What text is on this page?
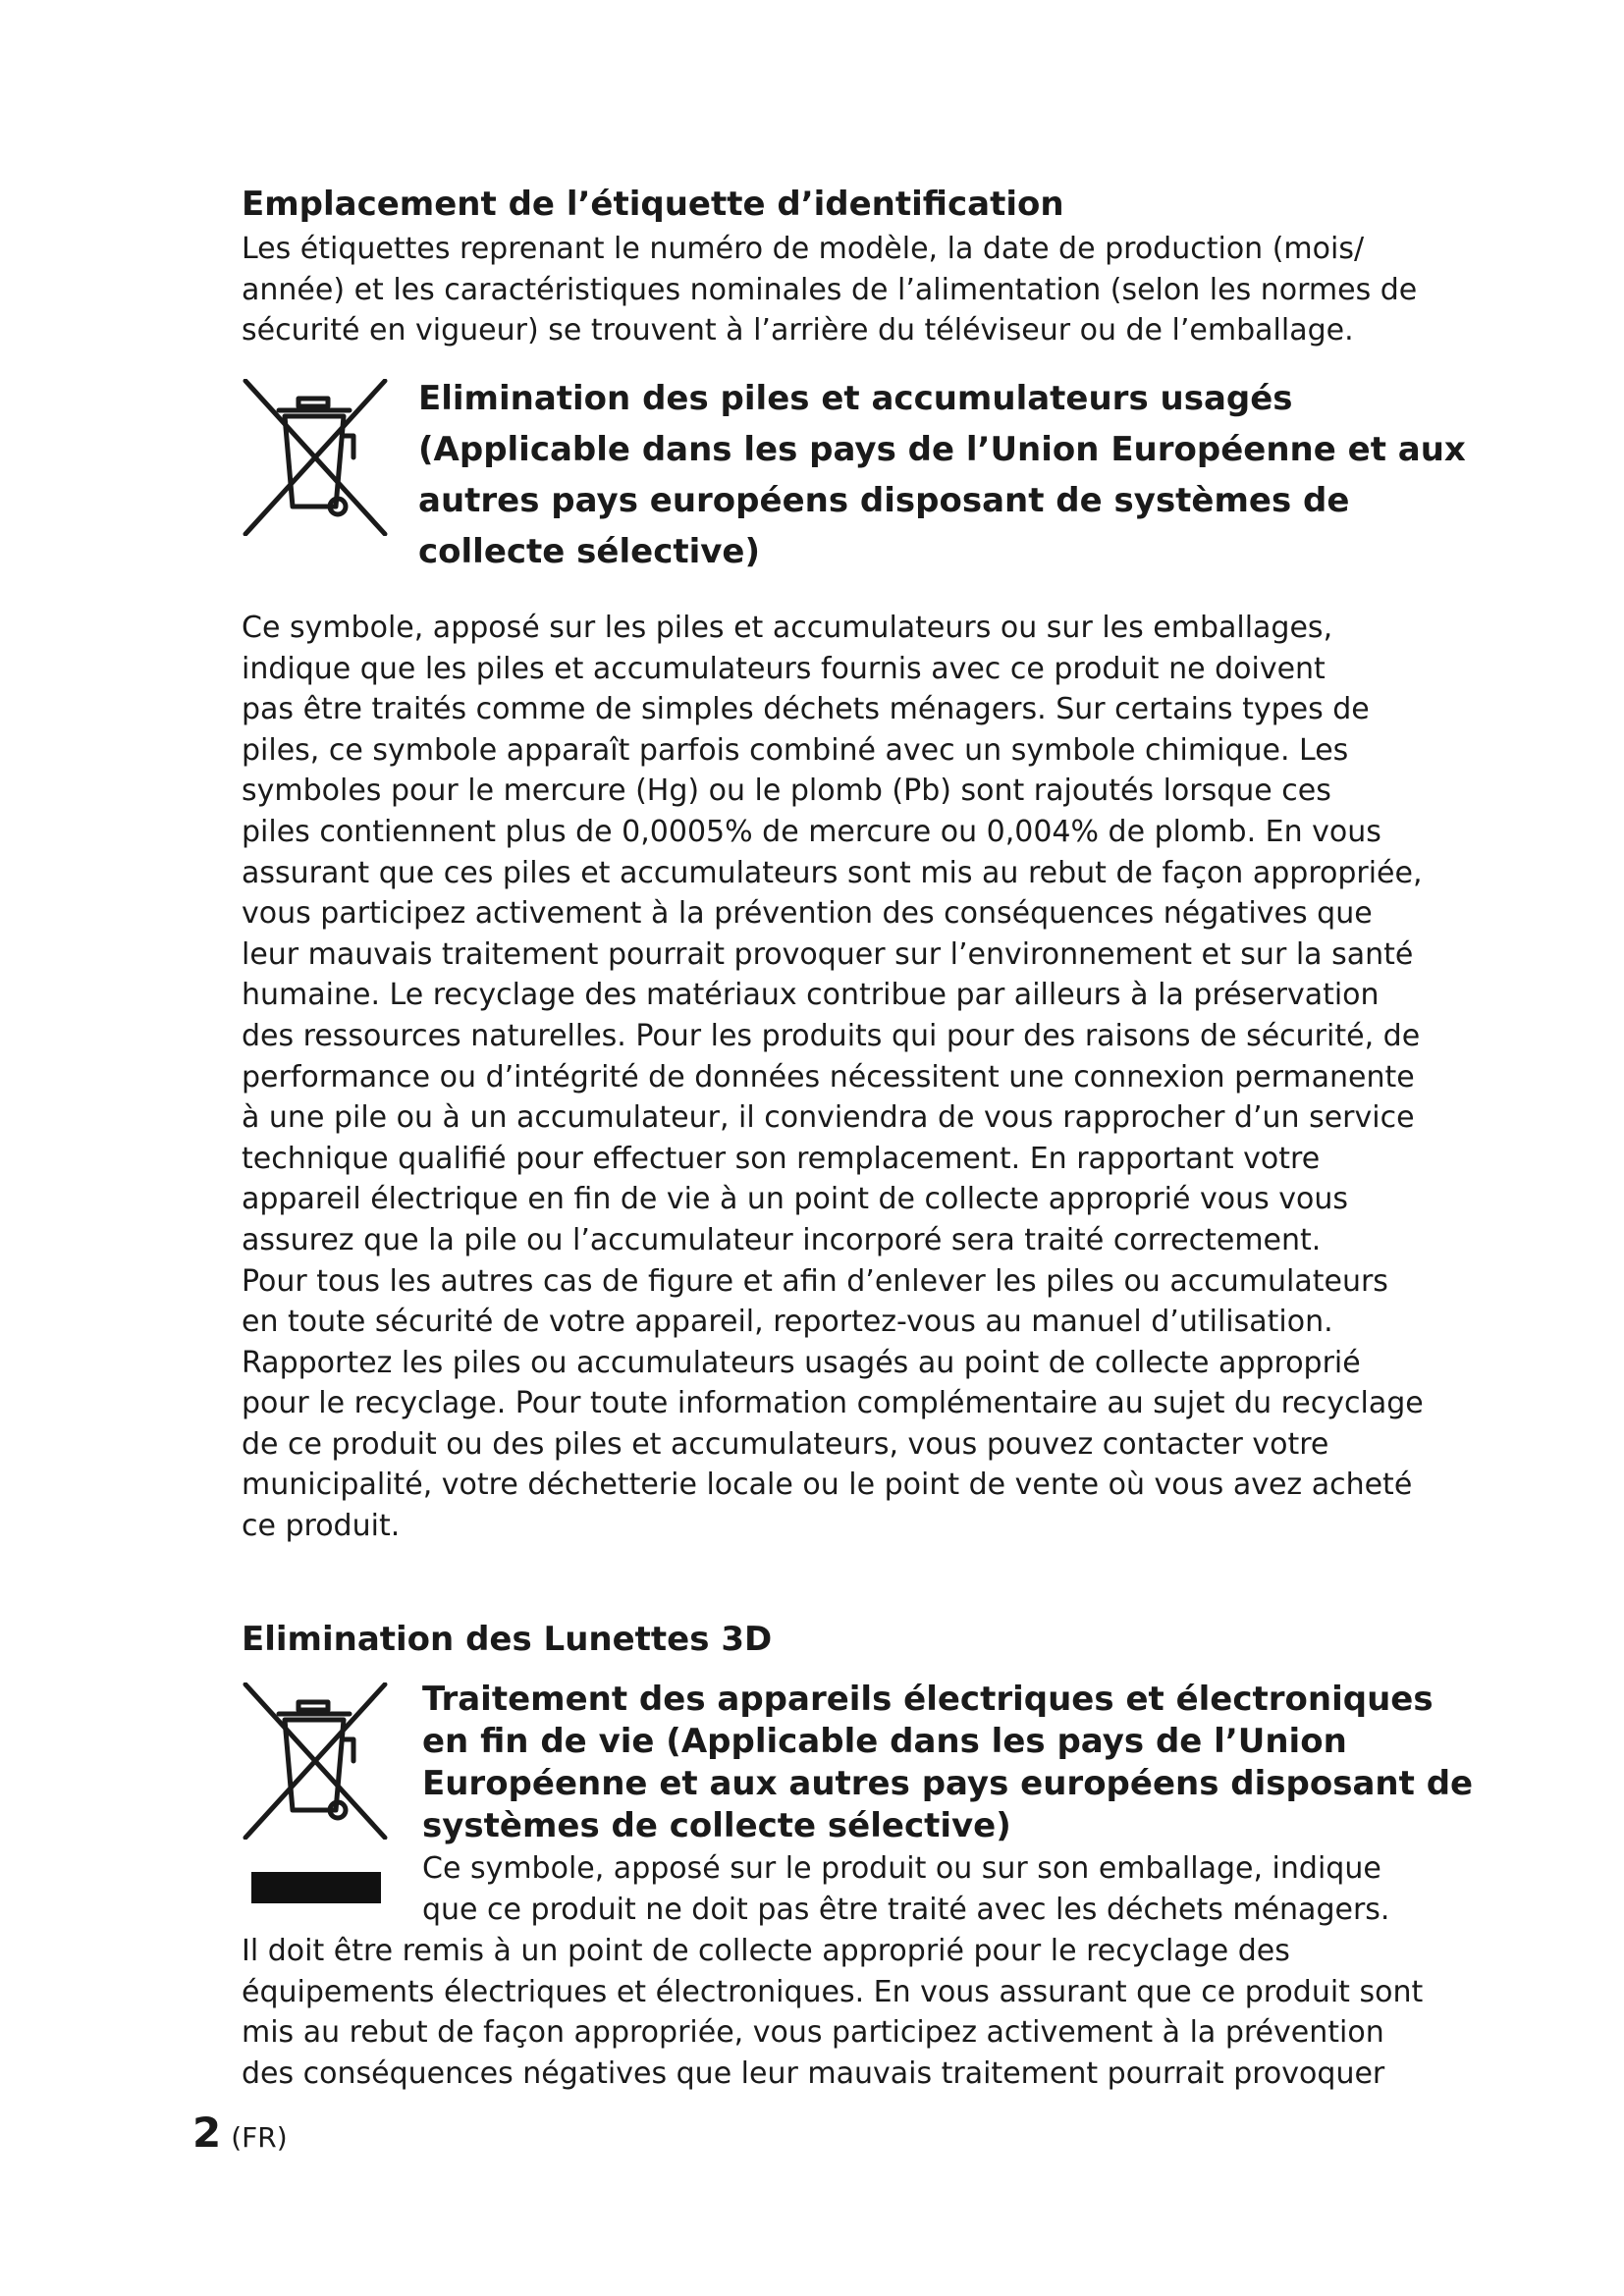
Emplacement de l’étiquette d’identification
Les étiquettes reprenant le numéro de modèle, la date de production (mois/
année) et les caractéristiques nominales de l’alimentation (selon les normes de
sécurité en vigueur) se trouvent à l’arrière du téléviseur ou de l’emballage.
Elimination des piles et accumulateurs usagés
(Applicable dans les pays de l’Union Européenne et aux
autres pays européens disposant de systèmes de
collecte sélective)
Ce symbole, apposé sur les piles et accumulateurs ou sur les emballages,
indique que les piles et accumulateurs fournis avec ce produit ne doivent
pas être traités comme de simples déchets ménagers. Sur certains types de
piles, ce symbole apparaît parfois combiné avec un symbole chimique. Les
symboles pour le mercure (Hg) ou le plomb (Pb) sont rajoutés lorsque ces
piles contiennent plus de 0,0005% de mercure ou 0,004% de plomb. En vous
assurant que ces piles et accumulateurs sont mis au rebut de façon appropriée,
vous participez activement à la prévention des conséquences négatives que
leur mauvais traitement pourrait provoquer sur l’environnement et sur la santé
humaine. Le recyclage des matériaux contribue par ailleurs à la préservation
des ressources naturelles. Pour les produits qui pour des raisons de sécurité, de
performance ou d’intégrité de données nécessitent une connexion permanente
à une pile ou à un accumulateur, il conviendra de vous rapprocher d’un service
technique qualifié pour effectuer son remplacement. En rapportant votre
appareil électrique en fin de vie à un point de collecte approprié vous vous
assurez que la pile ou l’accumulateur incorporé sera traité correctement.
Pour tous les autres cas de figure et afin d’enlever les piles ou accumulateurs
en toute sécurité de votre appareil, reportez-vous au manuel d’utilisation.
Rapportez les piles ou accumulateurs usagés au point de collecte approprié
pour le recyclage. Pour toute information complémentaire au sujet du recyclage
de ce produit ou des piles et accumulateurs, vous pouvez contacter votre
municipalité, votre déchetterie locale ou le point de vente où vous avez acheté
ce produit.
Elimination des Lunettes 3D
Traitement des appareils électriques et électroniques
en fin de vie (Applicable dans les pays de l’Union
Européenne et aux autres pays européens disposant de
systèmes de collecte sélective)
Ce symbole, apposé sur le produit ou sur son emballage, indique
que ce produit ne doit pas être traité avec les déchets ménagers.
Il doit être remis à un point de collecte approprié pour le recyclage des
équipements électriques et électroniques. En vous assurant que ce produit sont
mis au rebut de façon appropriée, vous participez activement à la prévention
des conséquences négatives que leur mauvais traitement pourrait provoquer
2 (FR)
